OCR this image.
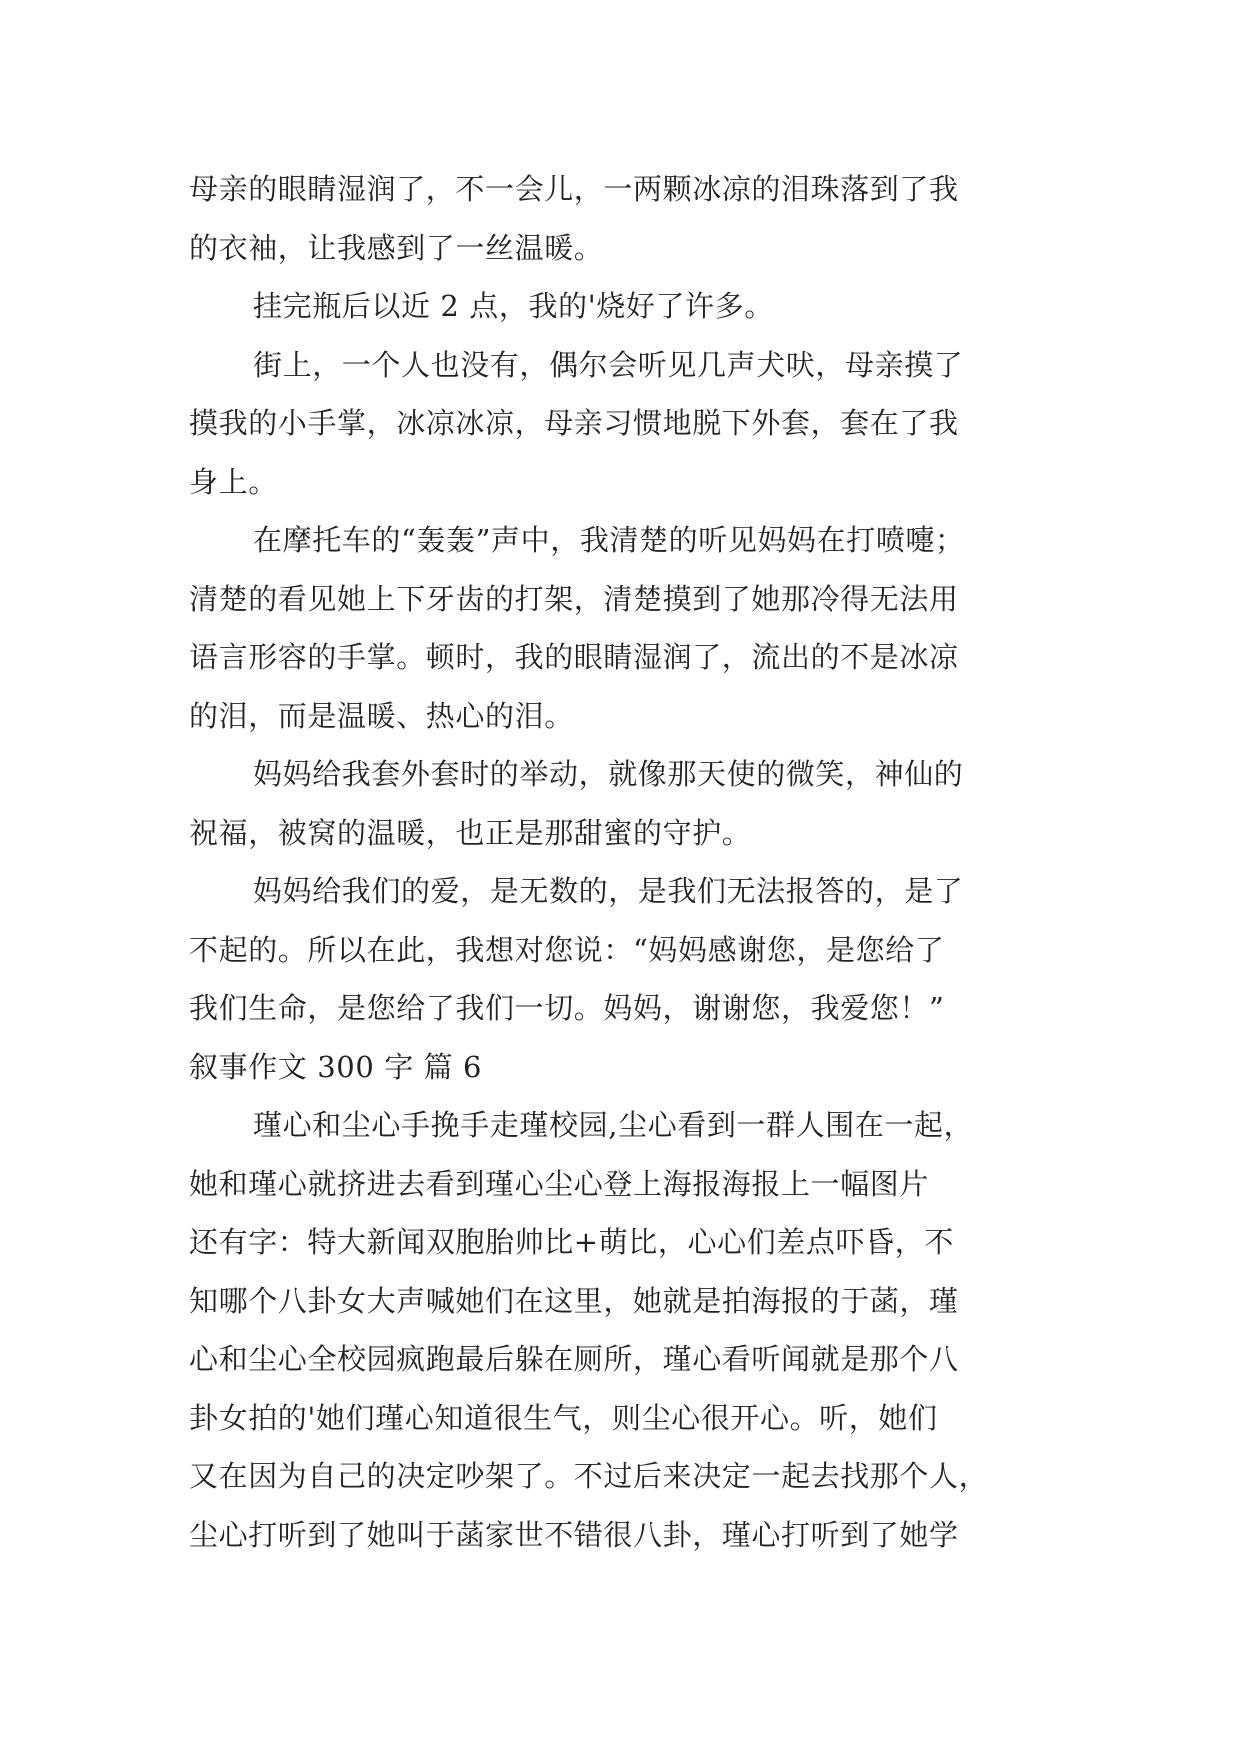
母亲的眼睛湿润了，不一会儿，一两颗冰凉的泪珠落到了我

的衣袖，让我感到了一丝温暖。

挂完瓶后以近 2 点，我的'烧好了许多。

街上，一个人也没有，偶尔会听见几声犬吠，母亲摸了

摸我的小手掌，冰凉冰凉，母亲习惯地脱下外套，套在了我

身上。

在摩托车的“轰轰”声中，我清楚的听见妈妈在打喷嚏；

清楚的看见她上下牙齿的打架，清楚摸到了她那冷得无法用

语言形容的手掌。顿时，我的眼睛湿润了，流出的不是冰凉

的泪，而是温暖、热心的泪。

妈妈给我套外套时的举动，就像那天使的微笑，神仙的

祝福，被窝的温暖，也正是那甜蜜的守护。

妈妈给我们的爱，是无数的，是我们无法报答的，是了

不起的。所以在此，我想对您说：“妈妈感谢您，是您给了

我们生命，是您给了我们一切。妈妈，谢谢您，我爱您！”

叙事作文 300 字 篇 6

瑾心和尘心手挽手走瑾校园,尘心看到一群人围在一起，

她和瑾心就挤进去看到瑾心尘心登上海报海报上一幅图片

还有字：特大新闻双胞胎帅比+萌比，心心们差点吓昏，不

知哪个八卦女大声喊她们在这里，她就是拍海报的于菡，瑾

心和尘心全校园疯跑最后躲在厕所，瑾心看听闻就是那个八

卦女拍的'她们瑾心知道很生气，则尘心很开心。听，她们

又在因为自己的决定吵架了。不过后来决定一起去找那个人，

尘心打听到了她叫于菡家世不错很八卦，瑾心打听到了她学
